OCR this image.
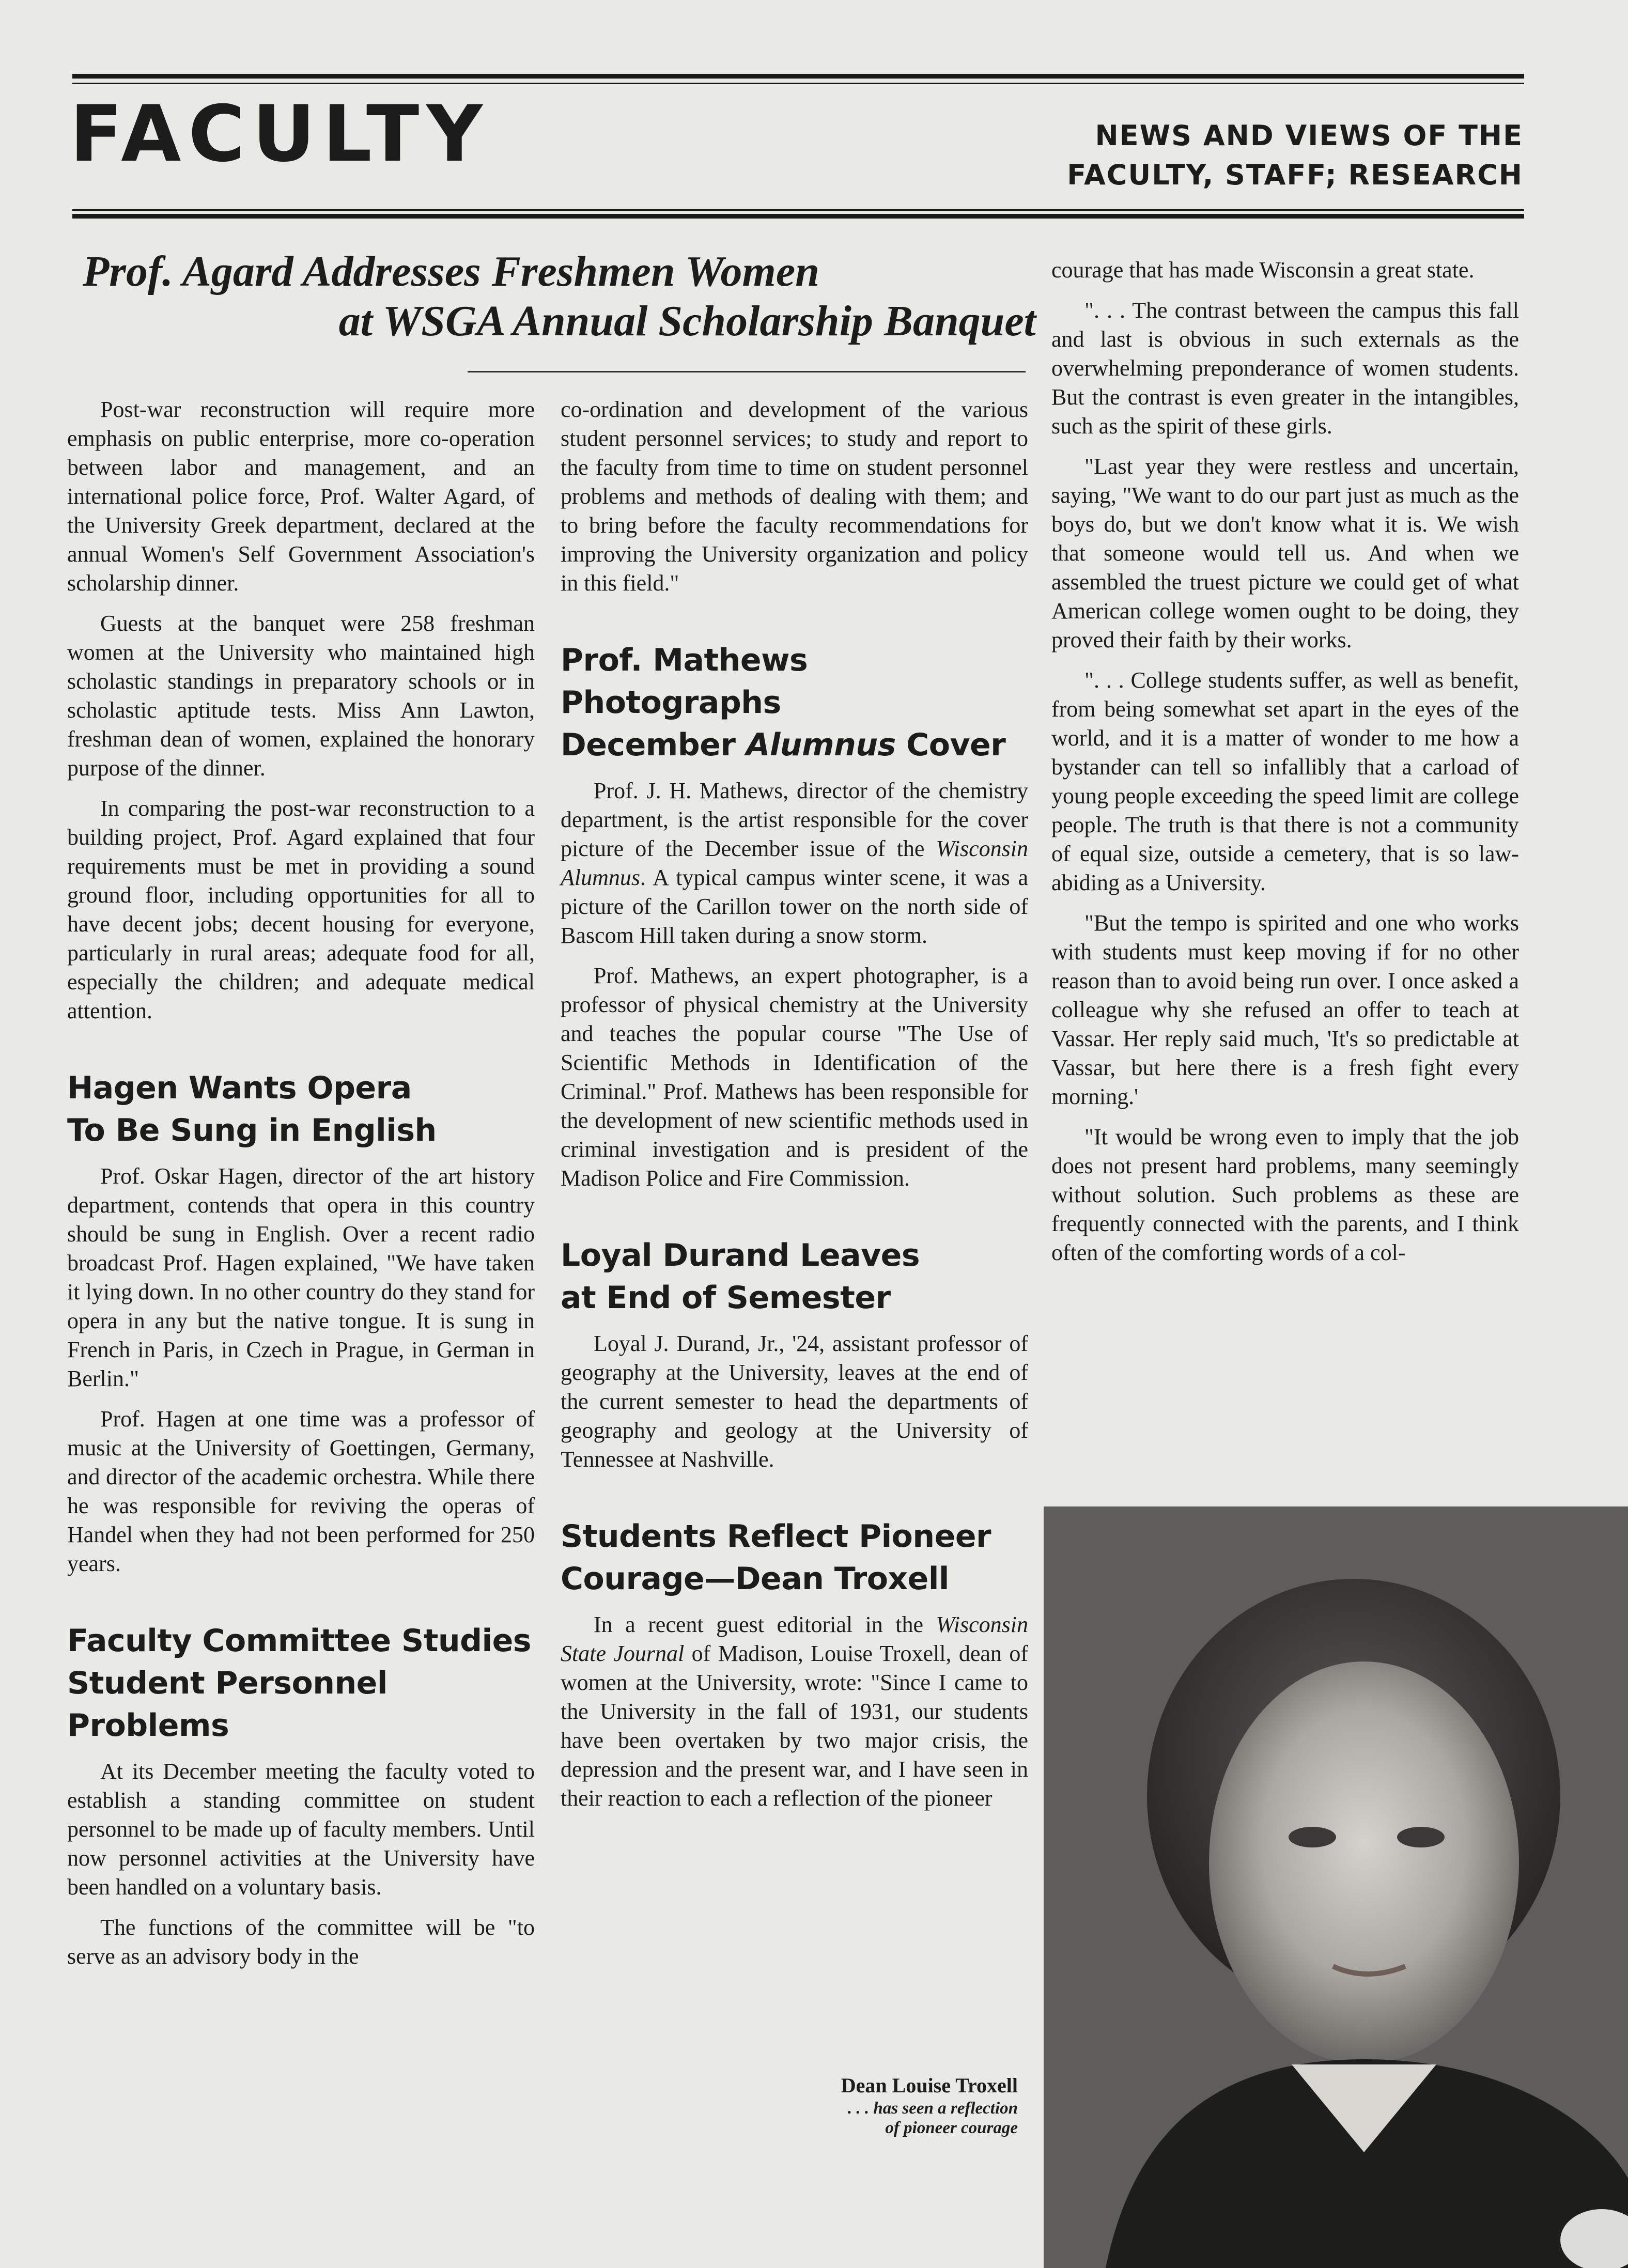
FACULTY	NEWS AND VIEWS OF THE
FACULTY, STAFF; RESEARCH
Prof. Agard Addresses Freshmen Women
at WSGA Annual Scholarship Banquet

Post-war reconstruction will require more emphasis on public enterprise, more co-operation between labor and management, and an international police force, Prof. Walter Agard, of the University Greek department, declared at the annual Women's Self Government Association's scholarship dinner.

Guests at the banquet were 258 freshman women at the University who maintained high scholastic standings in preparatory schools or in scholastic aptitude tests. Miss Ann Lawton, freshman dean of women, explained the honorary purpose of the dinner.

In comparing the post-war reconstruction to a building project, Prof. Agard explained that four requirements must be met in providing a sound ground floor, including opportunities for all to have decent jobs; decent housing for everyone, particularly in rural areas; adequate food for all, especially the children; and adequate medical attention.

Hagen Wants Opera
To Be Sung in English

Prof. Oskar Hagen, director of the art history department, contends that opera in this country should be sung in English. Over a recent radio broadcast Prof. Hagen explained, "We have taken it lying down. In no other country do they stand for opera in any but the native tongue. It is sung in French in Paris, in Czech in Prague, in German in Berlin."

Prof. Hagen at one time was a professor of music at the University of Goettingen, Germany, and director of the academic orchestra. While there he was responsible for reviving the operas of Handel when they had not been performed for 250 years.

Faculty Committee Studies
Student Personnel Problems

At its December meeting the faculty voted to establish a standing committee on student personnel to be made up of faculty members. Until now personnel activities at the University have been handled on a voluntary basis.

The functions of the committee will be "to serve as an advisory body in the

co-ordination and development of the various student personnel services; to study and report to the faculty from time to time on student personnel problems and methods of dealing with them; and to bring before the faculty recommendations for improving the University organization and policy in this field."

Prof. Mathews Photographs
December Alumnus Cover

Prof. J. H. Mathews, director of the chemistry department, is the artist responsible for the cover picture of the December issue of the Wisconsin Alumnus. A typical campus winter scene, it was a picture of the Carillon tower on the north side of Bascom Hill taken during a snow storm.

Prof. Mathews, an expert photographer, is a professor of physical chemistry at the University and teaches the popular course "The Use of Scientific Methods in Identification of the Criminal." Prof. Mathews has been responsible for the development of new scientific methods used in criminal investigation and is president of the Madison Police and Fire Commission.

Loyal Durand Leaves
at End of Semester

Loyal J. Durand, Jr., '24, assistant professor of geography at the University, leaves at the end of the current semester to head the departments of geography and geology at the University of Tennessee at Nashville.

Students Reflect Pioneer
Courage—Dean Troxell

In a recent guest editorial in the Wisconsin State Journal of Madison, Louise Troxell, dean of women at the University, wrote: "Since I came to the University in the fall of 1931, our students have been overtaken by two major crisis, the depression and the present war, and I have seen in their reaction to each a reflection of the pioneer

courage that has made Wisconsin a great state.

". . . The contrast between the campus this fall and last is obvious in such externals as the overwhelming preponderance of women students. But the contrast is even greater in the intangibles, such as the spirit of these girls.

"Last year they were restless and uncertain, saying, "We want to do our part just as much as the boys do, but we don't know what it is. We wish that someone would tell us. And when we assembled the truest picture we could get of what American college women ought to be doing, they proved their faith by their works.

". . . College students suffer, as well as benefit, from being somewhat set apart in the eyes of the world, and it is a matter of wonder to me how a bystander can tell so infallibly that a carload of young people exceeding the speed limit are college people. The truth is that there is not a community of equal size, outside a cemetery, that is so law-abiding as a University.

"But the tempo is spirited and one who works with students must keep moving if for no other reason than to avoid being run over. I once asked a colleague why she refused an offer to teach at Vassar. Her reply said much, 'It's so predictable at Vassar, but here there is a fresh fight every morning.'

"It would be wrong even to imply that the job does not present hard problems, many seemingly without solution. Such problems as these are frequently connected with the parents, and I think often of the comforting words of a col-

Dean Louise Troxell
. . . has seen a reflection
of pioneer courage
